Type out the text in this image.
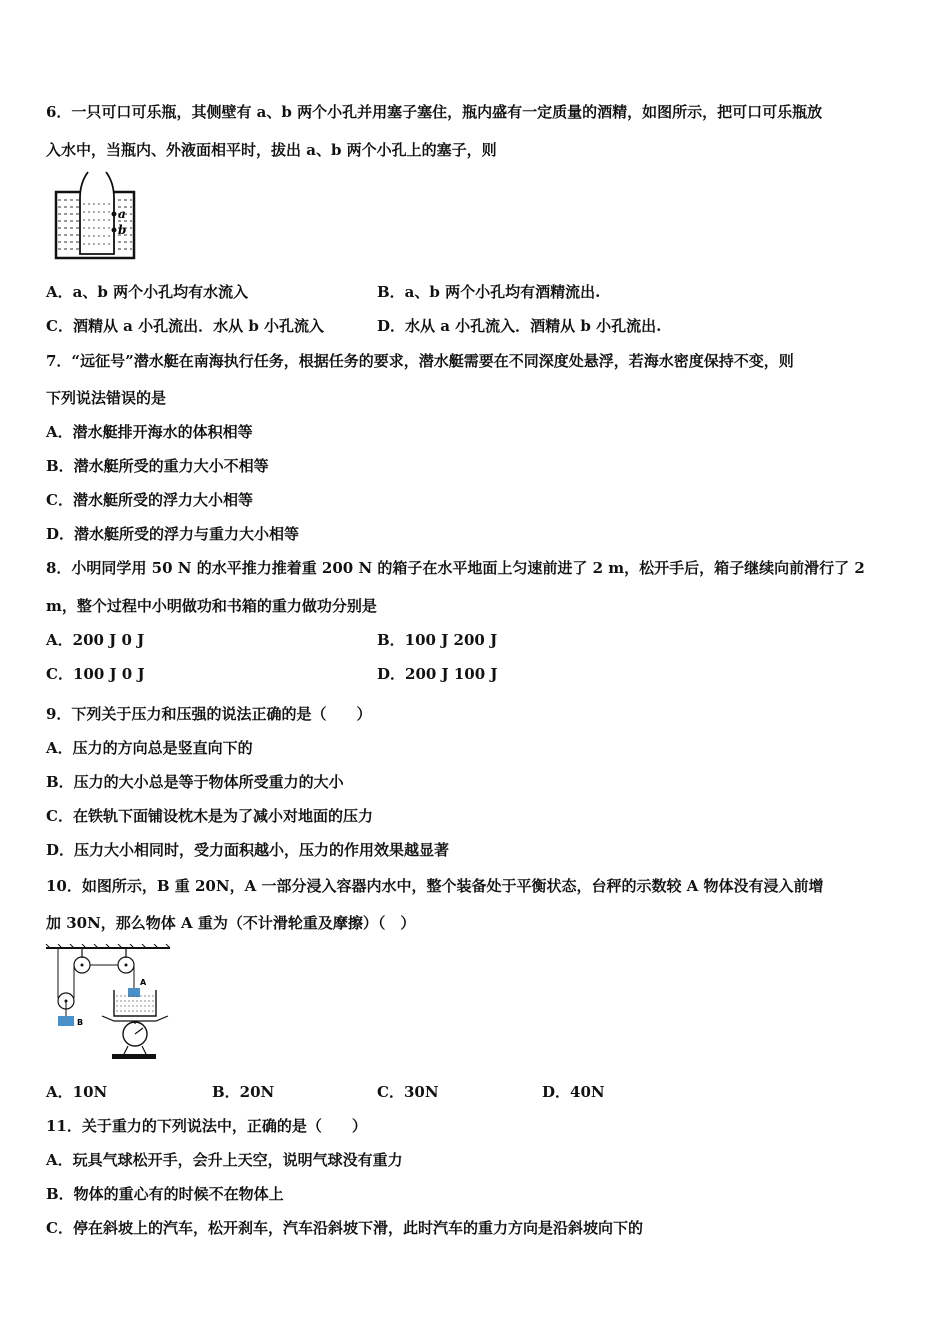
6．一只可口可乐瓶，其侧壁有 a、b 两个小孔并用塞子塞住，瓶内盛有一定质量的酒精，如图所示，把可口可乐瓶放
入水中，当瓶内、外液面相平时，拔出 a、b 两个小孔上的塞子，则
a
b
A．a、b 两个小孔均有水流入	B．a、b 两个小孔均有酒精流出.
C．酒精从 a 小孔流出．水从 b 小孔流入	D．水从 a 小孔流入．酒精从 b 小孔流出.
7．“远征号”潜水艇在南海执行任务，根据任务的要求，潜水艇需要在不同深度处悬浮，若海水密度保持不变，则
下列说法错误的是
A．潜水艇排开海水的体积相等
B．潜水艇所受的重力大小不相等
C．潜水艇所受的浮力大小相等
D．潜水艇所受的浮力与重力大小相等
8．小明同学用 50 N 的水平推力推着重 200 N 的箱子在水平地面上匀速前进了 2 m，松开手后，箱子继续向前滑行了 2
m，整个过程中小明做功和书箱的重力做功分别是
A．200 J 0 J	B．100 J 200 J
C．100 J 0 J	D．200 J 100 J
9．下列关于压力和压强的说法正确的是（　　）
A．压力的方向总是竖直向下的
B．压力的大小总是等于物体所受重力的大小
C．在铁轨下面铺设枕木是为了减小对地面的压力
D．压力大小相同时，受力面积越小，压力的作用效果越显著
10．如图所示，B 重 20N，A 一部分浸入容器内水中，整个装备处于平衡状态，台秤的示数较 A 物体没有浸入前增
加 30N，那么物体 A 重为（不计滑轮重及摩擦）（　）
B
A
A．10N	B．20N	C．30N	D．40N
11．关于重力的下列说法中，正确的是（　　）
A．玩具气球松开手，会升上天空，说明气球没有重力
B．物体的重心有的时候不在物体上
C．停在斜坡上的汽车，松开刹车，汽车沿斜坡下滑，此时汽车的重力方向是沿斜坡向下的
